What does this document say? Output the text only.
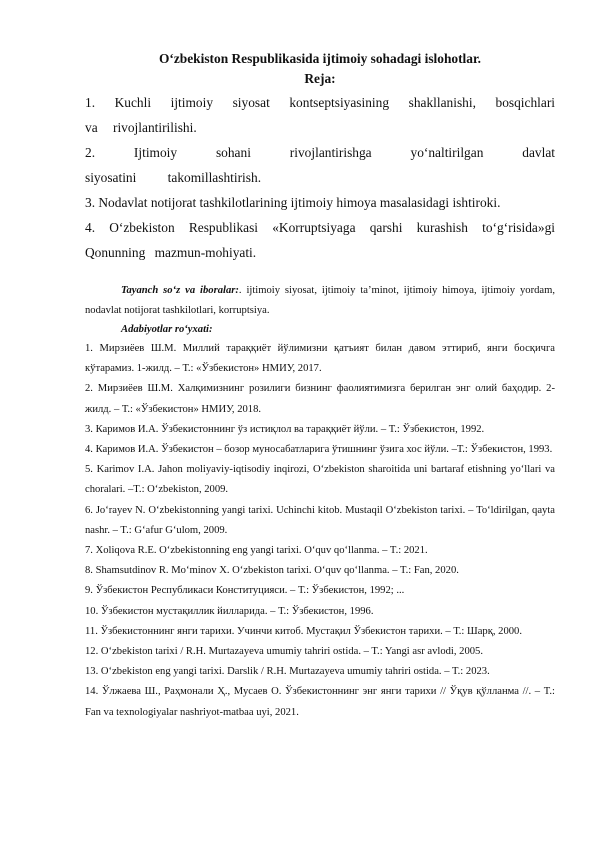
O‘zbekiston Respublikasida ijtimoiy sohadagi islohotlar.
Reja:
1. Kuchli ijtimoiy siyosat kontseptsiyasining shakllanishi, bosqichlari va rivojlantirilishi.
2. Ijtimoiy sohani rivojlantirishga yo‘naltirilgan davlat siyosatini takomillashtirish.
3. Nodavlat notijorat tashkilotlarining ijtimoiy himoya masalasidagi ishtiroki.
4. O‘zbekiston Respublikasi «Korruptsiyaga qarshi kurashish to‘g‘risida»gi Qonunning mazmun-mohiyati.

Tayanch so‘z va iboralar:. ijtimoiy siyosat, ijtimoiy ta’minot, ijtimoiy himoya, ijtimoiy yordam, nodavlat notijorat tashkilotlari, korruptsiya.

Adabiyotlar ro‘yxati:

1. Мирзиёев Ш.М. Миллий тараққиёт йўлимизни қатъият билан давом эттириб, янги босқичга кўтарамиз. 1-жилд. – Т.: «Ўзбекистон» НМИУ, 2017.
2. Мирзиёев Ш.М. Халқимизнинг розилиги бизнинг фаолиятимизга берилган энг олий баҳодир. 2-жилд. – Т.: «Ўзбекистон» НМИУ, 2018.
3. Каримов И.А. Ўзбекистоннинг ўз истиқлол ва тараққиёт йўли. – Т.: Ўзбекистон, 1992.
4. Каримов И.А. Ўзбекистон – бозор муносабатларига ўтишнинг ўзига хос йўли. –Т.: Ўзбекистон, 1993.
5. Karimov I.A. Jahon moliyaviy-iqtisodiy inqirozi, O‘zbekiston sharoitida uni bartaraf etishning yo‘llari va choralari. –T.: O‘zbekiston, 2009.
6. Jo‘rayev N. O‘zbekistonning yangi tarixi. Uchinchi kitob. Mustaqil O‘zbekiston tarixi. – To‘ldirilgan, qayta nashr. – T.: G‘afur G‘ulom, 2009.
7. Xoliqova R.E. O‘zbekistonning eng yangi tarixi. O‘quv qo‘llanma. – T.: 2021.
8. Shamsutdinov R. Mo‘minov X. O‘zbekiston tarixi. O‘quv qo‘llanma. – T.: Fan, 2020.
9. Ўзбекистон Республикаси Конституцияси. – Т.: Ўзбекистон, 1992; ...
10. Ўзбекистон мустақиллик йилларида. – Т.: Ўзбекистон, 1996.
11. Ўзбекистоннинг янги тарихи. Учинчи китоб. Мустақил Ўзбекистон тарихи. – Т.: Шарқ, 2000.
12. O‘zbekiston tarixi / R.H. Murtazayeva umumiy tahriri ostida. – T.: Yangi asr avlodi, 2005.
13. O‘zbekiston eng yangi tarixi. Darslik / R.H. Murtazayeva umumiy tahriri ostida. – T.: 2023.
14. Ўлжаева Ш., Раҳмонали Ҳ., Мусаев О. Ўзбекистоннинг энг янги тарихи // Ўқув қўлланма //. – T.: Fan va texnologiyalar nashriyot-matbaa uyi, 2021.
